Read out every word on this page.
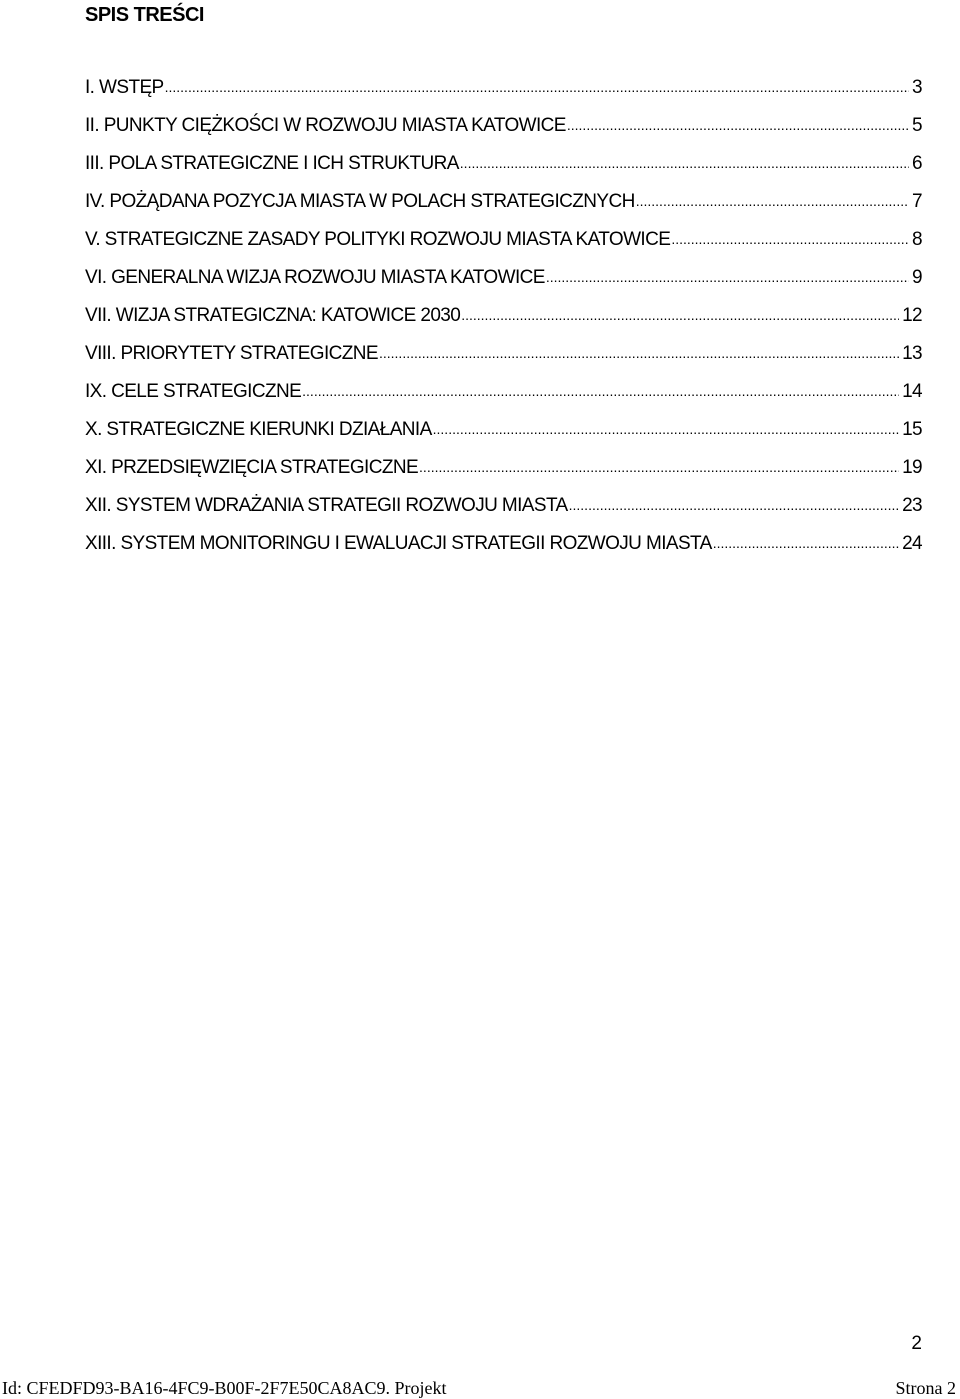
SPIS TREŚCI
I. WSTĘP .....	3
II. PUNKTY CIĘŻKOŚCI W ROZWOJU MIASTA KATOWICE .....	5
III. POLA STRATEGICZNE I ICH STRUKTURA .....	6
IV. POŻĄDANA POZYCJA MIASTA W POLACH STRATEGICZNYCH .....	7
V. STRATEGICZNE ZASADY POLITYKI ROZWOJU MIASTA KATOWICE .....	8
VI. GENERALNA WIZJA ROZWOJU MIASTA KATOWICE .....	9
VII. WIZJA STRATEGICZNA: KATOWICE 2030 .....	12
VIII. PRIORYTETY STRATEGICZNE .....	13
IX. CELE STRATEGICZNE .....	14
X. STRATEGICZNE KIERUNKI DZIAŁANIA .....	15
XI. PRZEDSIĘWZIĘCIA STRATEGICZNE .....	19
XII. SYSTEM WDRAŻANIA STRATEGII ROZWOJU MIASTA .....	23
XIII. SYSTEM MONITORINGU I EWALUACJI STRATEGII ROZWOJU MIASTA .....	24

2

Id: CFEDFD93-BA16-4FC9-B00F-2F7E50CA8AC9. Projekt	Strona 2
